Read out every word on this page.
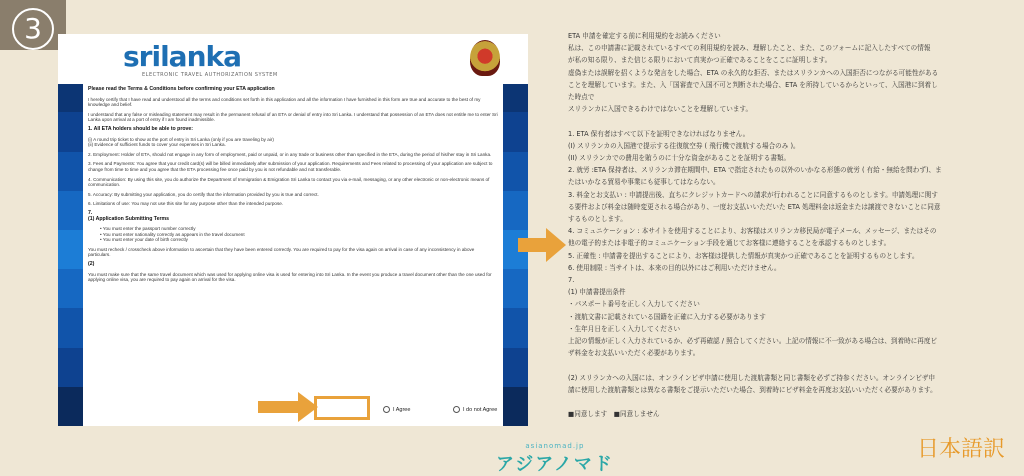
3
srilanka
ELECTRONIC TRAVEL AUTHORIZATION SYSTEM

Please read the Terms & Conditions before confirming your ETA application

I hereby certify that I have read and understood all the terms and conditions set forth in this application and all the information I have furnished in this form are true and accurate to the best of my knowledge and belief.

I understand that any false or misleading statement may result in the permanent refusal of an ETA or denial of entry into Sri Lanka. I understand that possession of an ETA does not entitle me to enter Sri Lanka upon arrival at a port of entry if I am found inadmissible.

1. All ETA holders should be able to prove:

(i) A round trip ticket to show at the port of entry in Sri Lanka (only if you are traveling by air)
(ii) Evidence of sufficient funds to cover your expenses in Sri Lanka.

2. Employment: Holder of ETA, should not engage in any form of employment, paid or unpaid, or in any trade or business other than specified in the ETA, during the period of his/her stay in Sri Lanka.

3. Fees and Payments: You agree that your credit card(s) will be billed immediately after submission of your application. Requirements and Fees related to processing of your application are subject to change from time to time and you agree that the ETA processing fee once paid by you is not refundable and not transferable.

4. Communication: By using this site, you do authorize the Department of Immigration & Emigration Sri Lanka to contact you via e-mail, messaging, or any other electronic or non-electronic means of communication.

5. Accuracy: By submitting your application, you do certify that the information provided by you is true and correct.

6. Limitations of use: You may not use this site for any purpose other than the intended purpose.

7.
(1) Application Submitting Terms

• You must enter the passport number correctly
• You must enter nationality correctly as appears in the travel document
• You must enter your date of birth correctly

You must recheck / crosscheck above information to ascertain that they have been entered correctly. You are required to pay for the visa again on arrival in case of any inconsistency in above particulars.

(2)

You must make sure that the same travel document which was used for applying online visa is used for entering into Sri Lanka. In the event you produce a travel document other than the one used for applying online visa, you are required to pay again on arrival for the visa.

I Agree	I do not Agree
ETA 申請を確定する前に利用規約をお読みください
私は、この申請書に記載されているすべての利用規約を読み、理解したこと、また、このフォームに記入したすべての情報
が私の知る限り、また信じる限りにおいて真実かつ正確であることをここに証明します。
虚偽または誤解を招くような発言をした場合、ETA の永久的な拒否、またはスリランカへの入国拒否につながる可能性がある
ことを理解しています。また、入「国審査で入国不可と判断された場合、ETA を所持しているからといって、入国港に到着し
た時点で
スリランカに入国できるわけではないことを理解しています。

1. ETA 保有者はすべて以下を証明できなければなりません。
(I) スリランカの入国港で提示する往復航空券 ( 飛行機で渡航する場合のみ )。
(II) スリランカでの費用を賄うのに十分な資金があることを証明する書類。
2. 就労 :ETA 保持者は、スリランカ滞在期間中、ETA で指定されたもの以外のいかなる形態の就労 ( 有給・無給を問わず)、ま
たはいかなる貿易や事業にも従事してはならない。
3. 料金とお支払い : 申請提出後、直ちにクレジットカードへの請求が行われることに同意するものとします。申請処理に関す
る要件および料金は随時変更される場合があり、一度お支払いいただいた ETA 処理料金は返金または譲渡できないことに同意
するものとします。
4. コミュニケーション : 本サイトを使用することにより、お客様はスリランカ移民局が電子メール、メッセージ、またはその
他の電子的または非電子的コミュニケーション手段を通じてお客様に連絡することを承認するものとします。
5. 正確性 : 申請書を提出することにより、お客様は提供した情報が真実かつ正確であることを証明するものとします。
6. 使用制限 : 当サイトは、本来の目的以外にはご利用いただけません。
7.
(1) 申請書提出条件
・パスポート番号を正しく入力してください
・渡航文書に記載されている国籍を正確に入力する必要があります
・生年月日を正しく入力してください
上記の情報が正しく入力されているか、必ず再確認 / 照合してください。上記の情報に不一致がある場合は、到着時に再度ビ
ザ料金をお支払いいただく必要があります。

(2) スリランカへの入国には、オンラインビザ申請に使用した渡航書類と同じ書類を必ずご持参ください。オンラインビザ申
請に使用した渡航書類とは異なる書類をご提示いただいた場合、到着時にビザ料金を再度お支払いいただく必要があります。

■同意します　■同意しません
asianomad.jp
アジアノマド
日本語訳
